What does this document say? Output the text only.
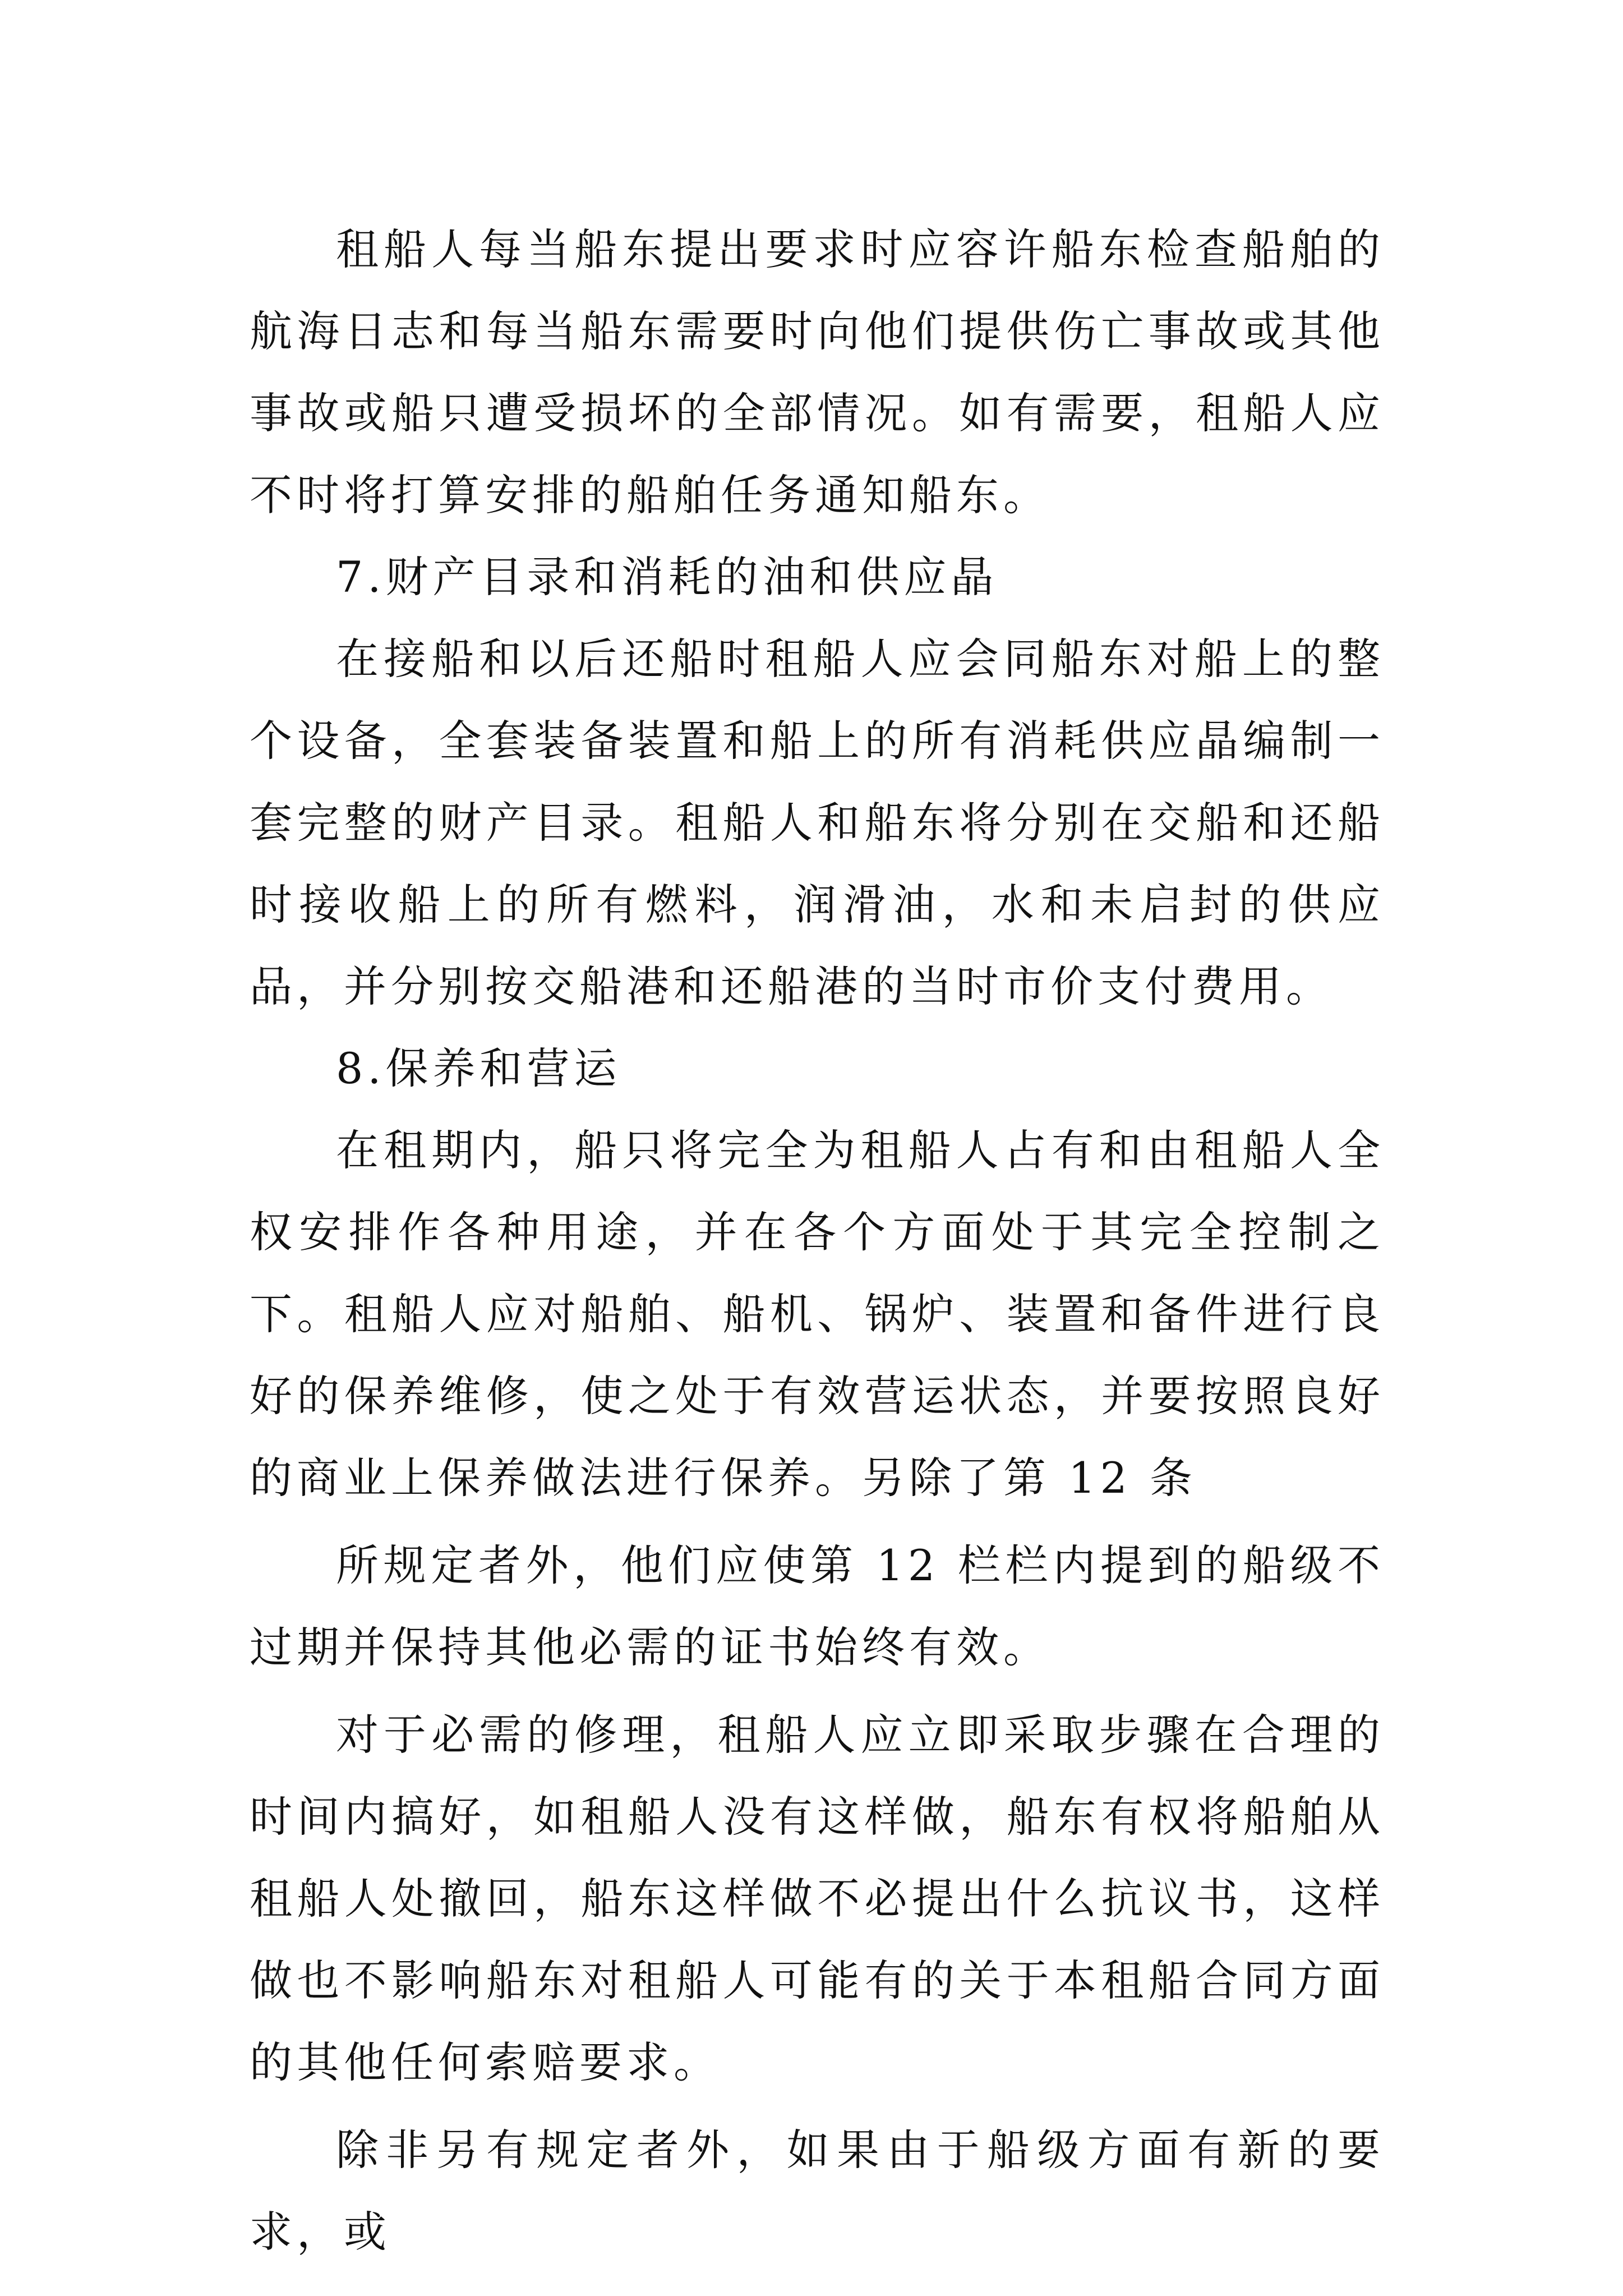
租船人每当船东提出要求时应容许船东检查船舶的航海日志和每当船东需要时向他们提供伤亡事故或其他事故或船只遭受损坏的全部情况。如有需要，租船人应不时将打算安排的船舶任务通知船东。

7.财产目录和消耗的油和供应晶

在接船和以后还船时租船人应会同船东对船上的整个设备，全套装备装置和船上的所有消耗供应晶编制一套完整的财产目录。租船人和船东将分别在交船和还船时接收船上的所有燃料，润滑油，水和未启封的供应品，并分别按交船港和还船港的当时市价支付费用。

8.保养和营运

在租期内，船只将完全为租船人占有和由租船人全权安排作各种用途，并在各个方面处于其完全控制之下。租船人应对船舶、船机、锅炉、装置和备件进行良好的保养维修，使之处于有效营运状态，并要按照良好的商业上保养做法进行保养。另除了第 12 条

所规定者外，他们应使第 12 栏栏内提到的船级不过期并保持其他必需的证书始终有效。

对于必需的修理，租船人应立即采取步骤在合理的时间内搞好，如租船人没有这样做，船东有权将船舶从租船人处撤回，船东这样做不必提出什么抗议书，这样做也不影响船东对租船人可能有的关于本租船合同方面的其他任何索赔要求。

除非另有规定者外，如果由于船级方面有新的要求，或
